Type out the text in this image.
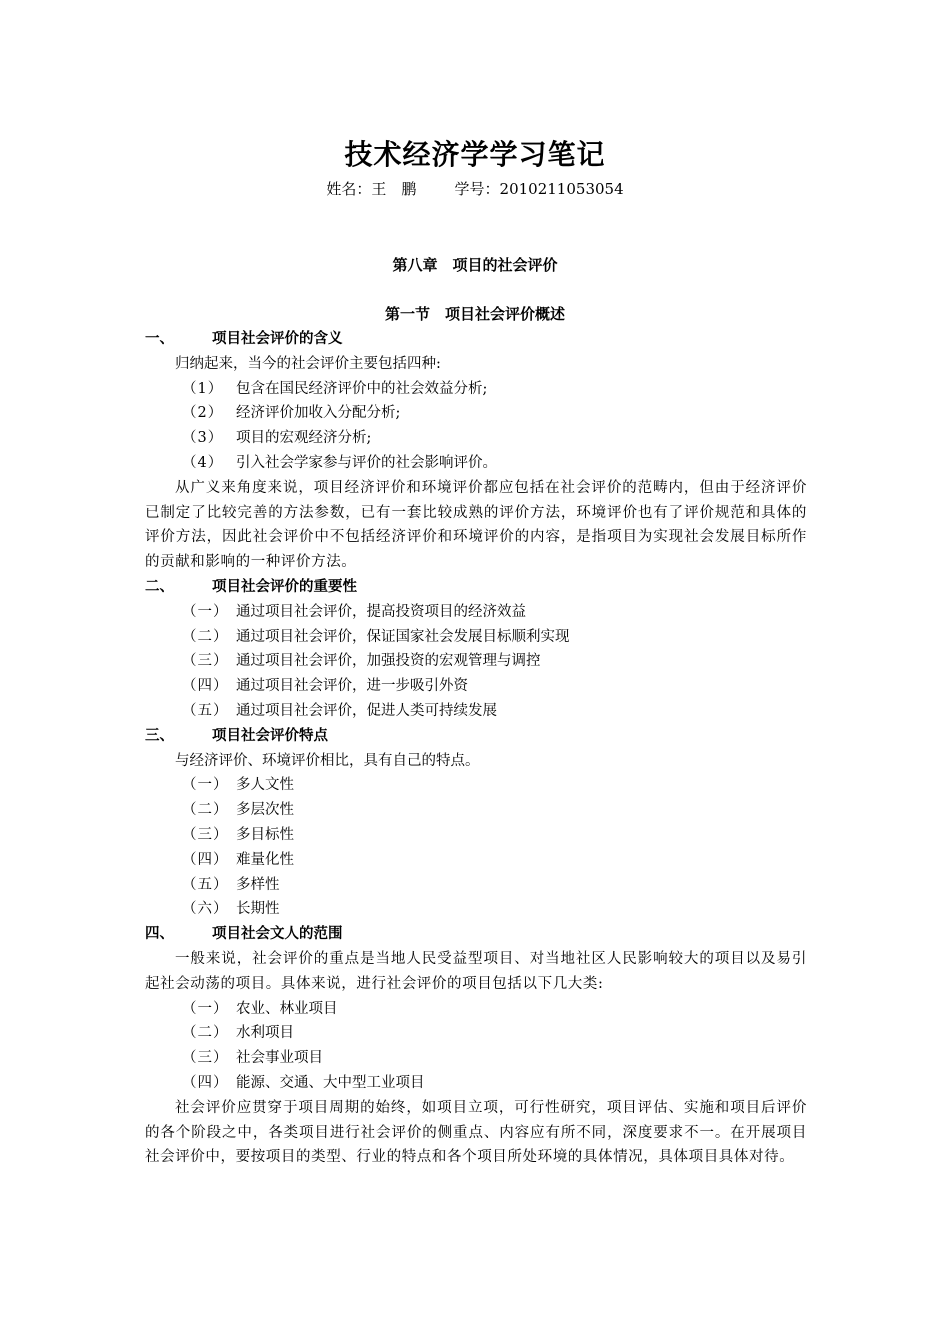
技术经济学学习笔记
姓名：王　鹏	学号：2010211053054
第八章　项目的社会评价
第一节　项目社会评价概述
一、	项目社会评价的含义
归纳起来，当今的社会评价主要包括四种:
（1） 包含在国民经济评价中的社会效益分析;
（2） 经济评价加收入分配分析;
（3） 项目的宏观经济分析;
（4） 引入社会学家参与评价的社会影响评价。
从广义来角度来说，项目经济评价和环境评价都应包括在社会评价的范畴内，但由于经济评价已制定了比较完善的方法参数，已有一套比较成熟的评价方法，环境评价也有了评价规范和具体的评价方法，因此社会评价中不包括经济评价和环境评价的内容，是指项目为实现社会发展目标所作的贡献和影响的一种评价方法。
二、	项目社会评价的重要性
（一） 通过项目社会评价，提高投资项目的经济效益
（二） 通过项目社会评价，保证国家社会发展目标顺利实现
（三） 通过项目社会评价，加强投资的宏观管理与调控
（四） 通过项目社会评价，进一步吸引外资
（五） 通过项目社会评价，促进人类可持续发展
三、	项目社会评价特点
与经济评价、环境评价相比，具有自己的特点。
（一） 多人文性
（二） 多层次性
（三） 多目标性
（四） 难量化性
（五） 多样性
（六） 长期性
四、	项目社会文人的范围
一般来说，社会评价的重点是当地人民受益型项目、对当地社区人民影响较大的项目以及易引起社会动荡的项目。具体来说，进行社会评价的项目包括以下几大类:
（一） 农业、林业项目
（二） 水利项目
（三） 社会事业项目
（四） 能源、交通、大中型工业项目
社会评价应贯穿于项目周期的始终，如项目立项，可行性研究，项目评估、实施和项目后评价的各个阶段之中，各类项目进行社会评价的侧重点、内容应有所不同，深度要求不一。在开展项目社会评价中，要按项目的类型、行业的特点和各个项目所处环境的具体情况，具体项目具体对待。
